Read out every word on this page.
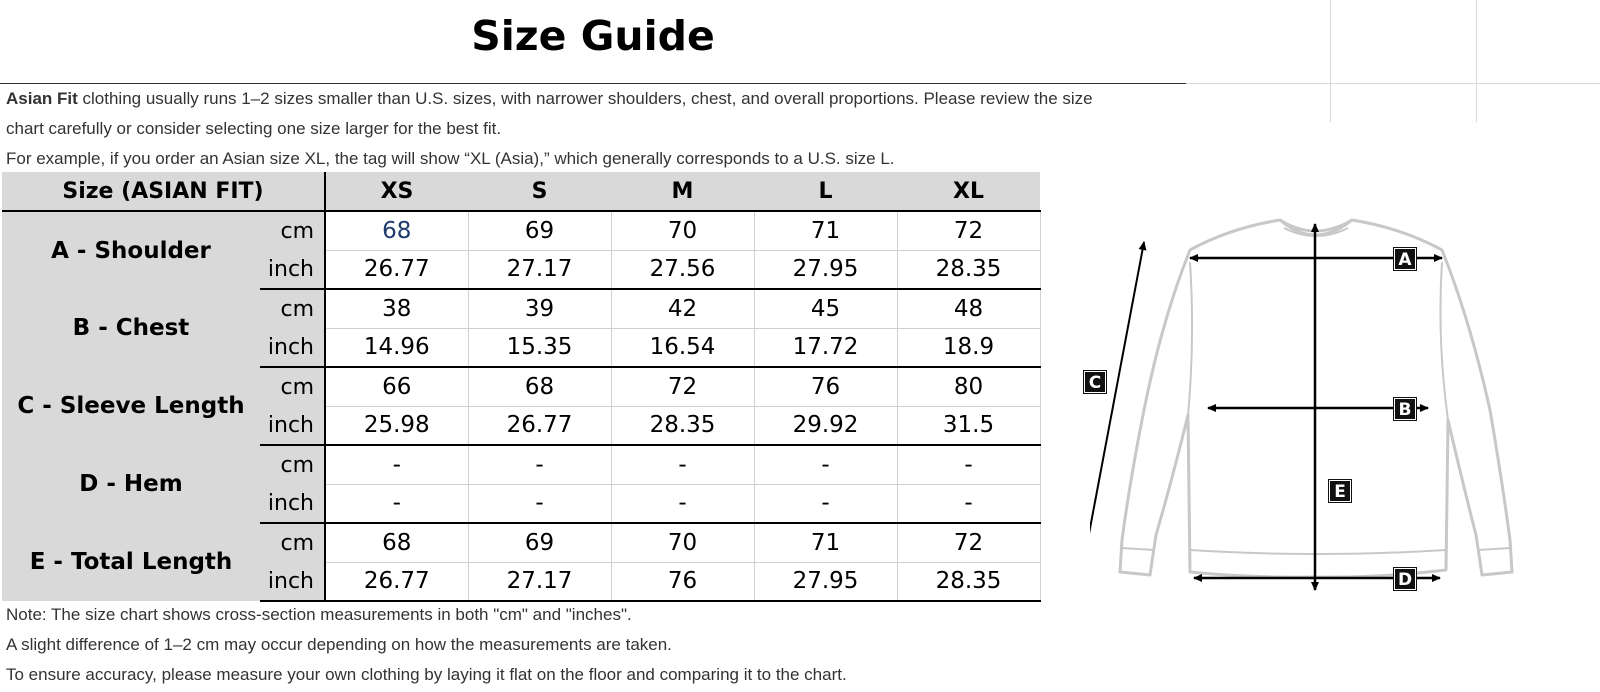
Size Guide
Asian Fit clothing usually runs 1–2 sizes smaller than U.S. sizes, with narrower shoulders, chest, and overall proportions. Please review the size
chart carefully or consider selecting one size larger for the best fit.
For example, if you order an Asian size XL, the tag will show “XL (Asia),” which generally corresponds to a U.S. size L.
Size (ASIAN FIT)		XS	S	M	L	XL
A - Shoulder	cm	68	69	70	71	72
	inch	26.77	27.17	27.56	27.95	28.35
B - Chest	cm	38	39	42	45	48
	inch	14.96	15.35	16.54	17.72	18.9
C - Sleeve Length	cm	66	68	72	76	80
	inch	25.98	26.77	28.35	29.92	31.5
D - Hem	cm	-	-	-	-	-
	inch	-	-	-	-	-
E - Total Length	cm	68	69	70	71	72
	inch	26.77	27.17	76	27.95	28.35
Note: The size chart shows cross-section measurements in both "cm" and "inches".
A slight difference of 1–2 cm may occur depending on how the measurements are taken.
To ensure accuracy, please measure your own clothing by laying it flat on the floor and comparing it to the chart.
A
B
C
D
E
